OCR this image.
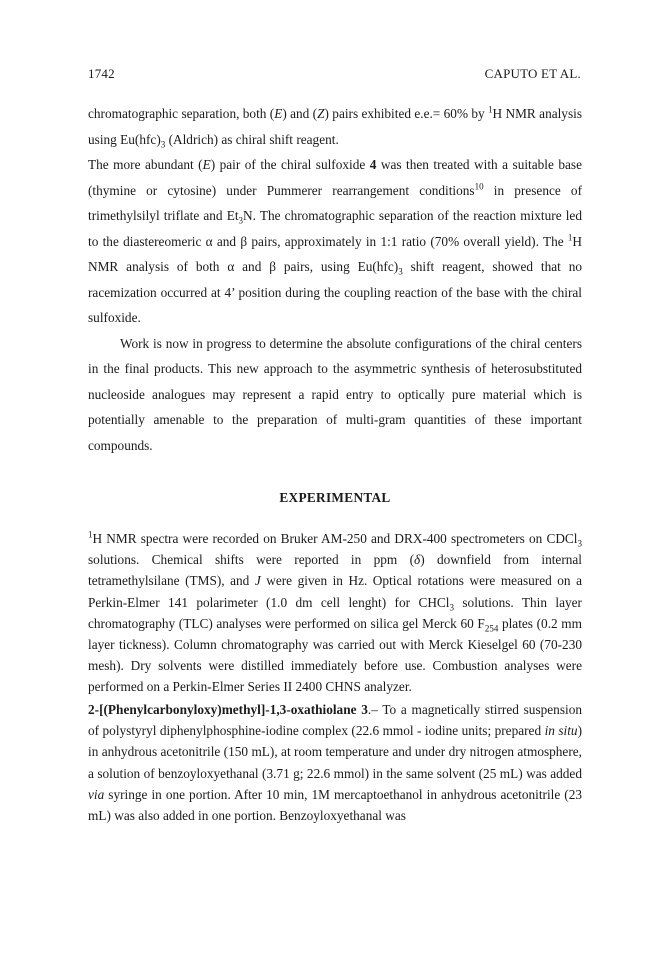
1742	CAPUTO ET AL.

chromatographic separation, both (E) and (Z) pairs exhibited e.e.= 60% by $^1$H NMR analysis using $Eu(hfc)_3$ (Aldrich) as chiral shift reagent.

The more abundant (E) pair of the chiral sulfoxide 4 was then treated with a suitable base (thymine or cytosine) under Pummerer rearrangement conditions$^{10}$ in presence of trimethylsilyl triflate and $Et_3N$. The chromatographic separation of the reaction mixture led to the diastereomeric α and β pairs, approximately in 1:1 ratio (70% overall yield). The $^1$H NMR analysis of both α and β pairs, using $Eu(hfc)_3$ shift reagent, showed that no racemization occurred at 4’ position during the coupling reaction of the base with the chiral sulfoxide.

Work is now in progress to determine the absolute configurations of the chiral centers in the final products. This new approach to the asymmetric synthesis of heterosubstituted nucleoside analogues may represent a rapid entry to optically pure material which is potentially amenable to the preparation of multi-gram quantities of these important compounds.

EXPERIMENTAL

$^1$H NMR spectra were recorded on Bruker AM-250 and DRX-400 spectrometers on CDCl$_3$ solutions. Chemical shifts were reported in ppm (δ) downfield from internal tetramethylsilane (TMS), and J were given in Hz. Optical rotations were measured on a Perkin-Elmer 141 polarimeter (1.0 dm cell lenght) for CHCl$_3$ solutions. Thin layer chromatography (TLC) analyses were performed on silica gel Merck 60 $F_{254}$ plates (0.2 mm layer tickness). Column chromatography was carried out with Merck Kieselgel 60 (70-230 mesh). Dry solvents were distilled immediately before use. Combustion analyses were performed on a Perkin-Elmer Series II 2400 CHNS analyzer.

2-[(Phenylcarbonyloxy)methyl]-1,3-oxathiolane 3.– To a magnetically stirred suspension of polystyryl diphenylphosphine-iodine complex (22.6 mmol - iodine units; prepared in situ) in anhydrous acetonitrile (150 mL), at room temperature and under dry nitrogen atmosphere, a solution of benzoyloxyethanal (3.71 g; 22.6 mmol) in the same solvent (25 mL) was added via syringe in one portion. After 10 min, 1M mercaptoethanol in anhydrous acetonitrile (23 mL) was also added in one portion. Benzoyloxyethanal was
